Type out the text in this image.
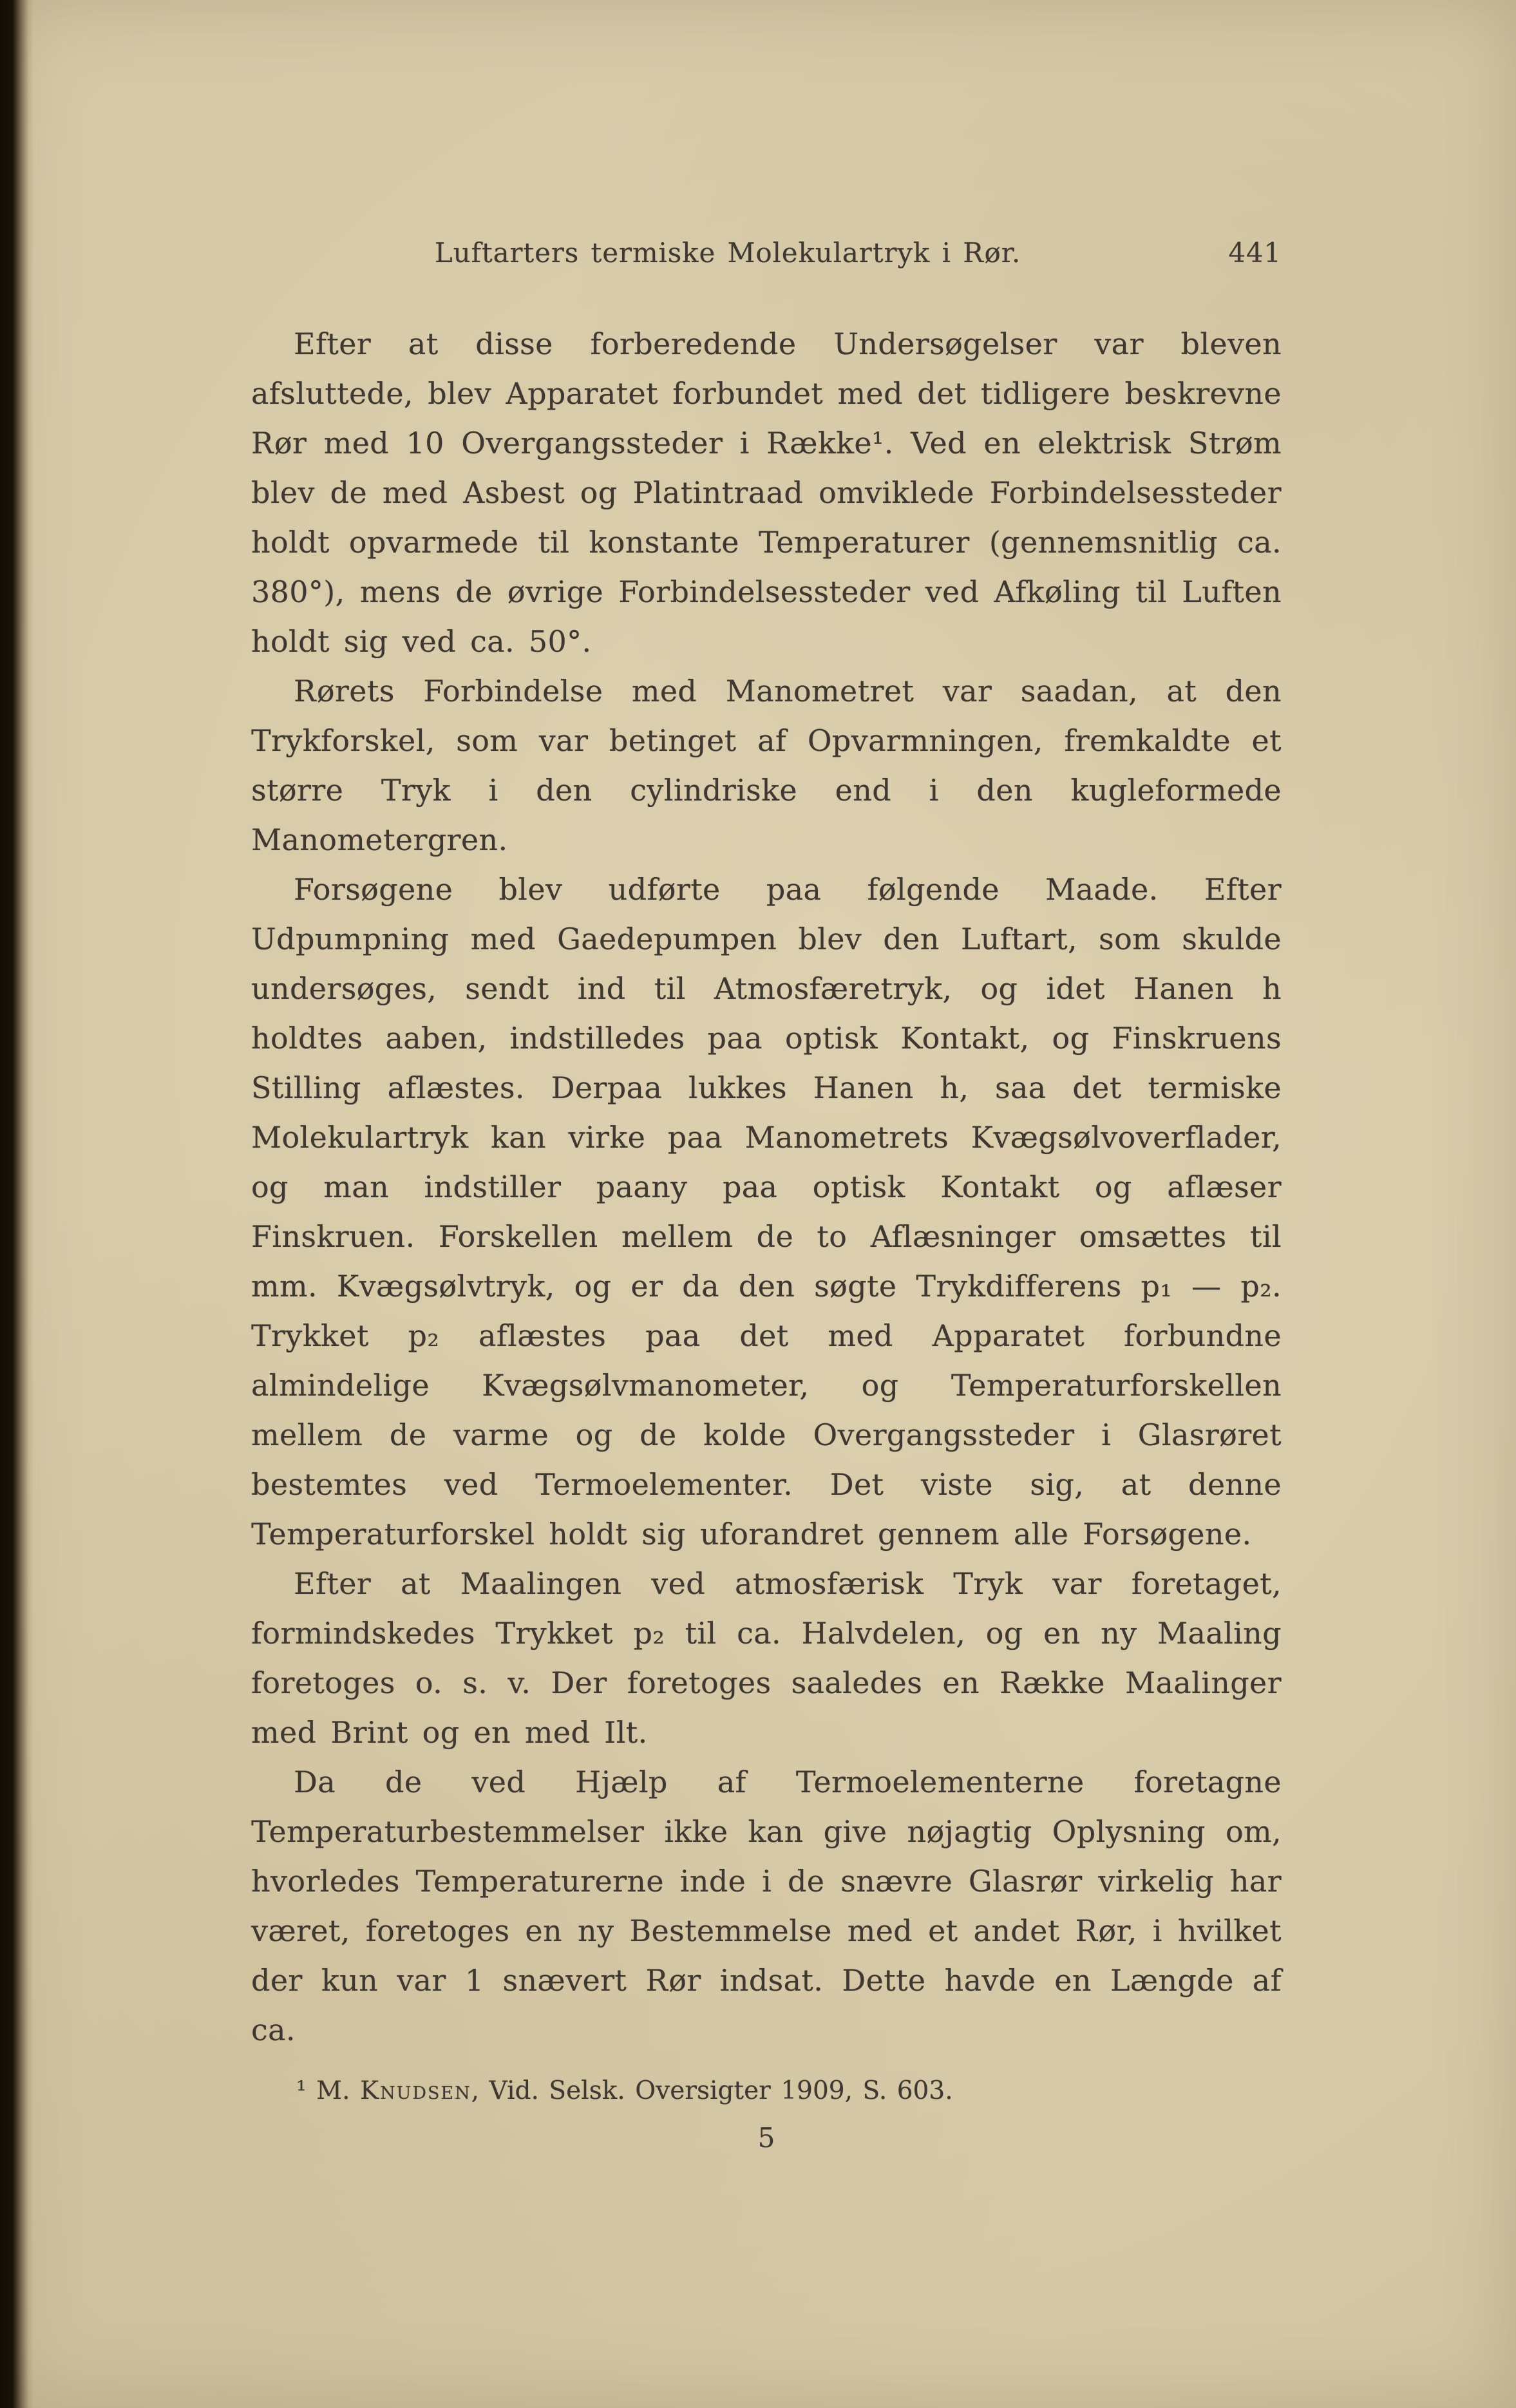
Luftarters termiske Molekulartryk i Rør.	441

Efter at disse forberedende Undersøgelser var bleven afsluttede, blev Apparatet forbundet med det tidligere beskrevne Rør med 10 Overgangssteder i Række¹. Ved en elektrisk Strøm blev de med Asbest og Platintraad omviklede Forbindelsessteder holdt opvarmede til konstante Temperaturer (gennemsnitlig ca. 380°), mens de øvrige Forbindelsessteder ved Afkøling til Luften holdt sig ved ca. 50°.

Rørets Forbindelse med Manometret var saadan, at den Trykforskel, som var betinget af Opvarmningen, fremkaldte et større Tryk i den cylindriske end i den kugleformede Manometergren.

Forsøgene blev udførte paa følgende Maade. Efter Udpumpning med Gaedepumpen blev den Luftart, som skulde undersøges, sendt ind til Atmosfæretryk, og idet Hanen h holdtes aaben, indstilledes paa optisk Kontakt, og Finskruens Stilling aflæstes. Derpaa lukkes Hanen h, saa det termiske Molekulartryk kan virke paa Manometrets Kvægsølvoverflader, og man indstiller paany paa optisk Kontakt og aflæser Finskruen. Forskellen mellem de to Aflæsninger omsættes til mm. Kvægsølvtryk, og er da den søgte Trykdifferens p₁ — p₂. Trykket p₂ aflæstes paa det med Apparatet forbundne almindelige Kvægsølvmanometer, og Temperaturforskellen mellem de varme og de kolde Overgangssteder i Glasrøret bestemtes ved Termoelementer. Det viste sig, at denne Temperaturforskel holdt sig uforandret gennem alle Forsøgene.

Efter at Maalingen ved atmosfærisk Tryk var foretaget, formindskedes Trykket p₂ til ca. Halvdelen, og en ny Maaling foretoges o. s. v. Der foretoges saaledes en Række Maalinger med Brint og en med Ilt.

Da de ved Hjælp af Termoelementerne foretagne Temperaturbestemmelser ikke kan give nøjagtig Oplysning om, hvorledes Temperaturerne inde i de snævre Glasrør virkelig har været, foretoges en ny Bestemmelse med et andet Rør, i hvilket der kun var 1 snævert Rør indsat. Dette havde en Længde af ca.

¹ M. Knudsen, Vid. Selsk. Oversigter 1909, S. 603.
5
